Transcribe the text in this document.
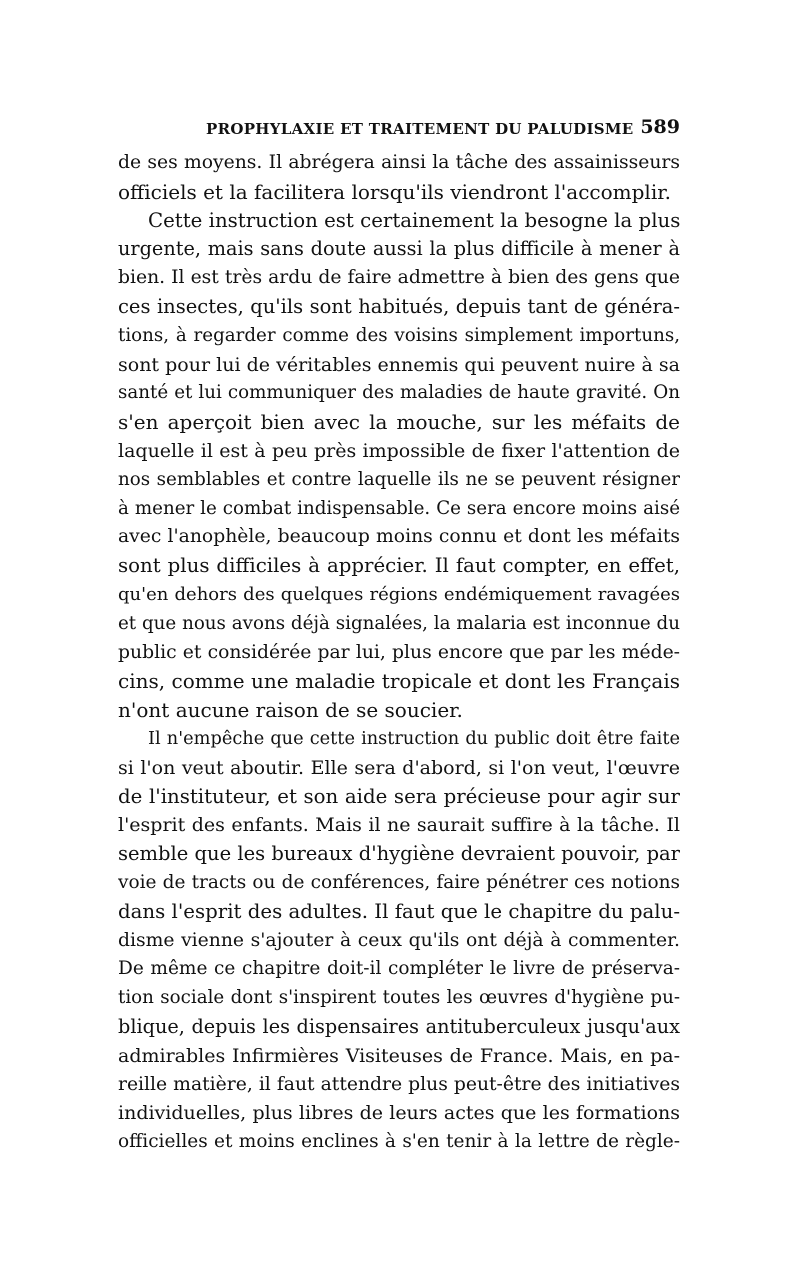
PROPHYLAXIE ET TRAITEMENT DU PALUDISME 589
de ses moyens. Il abrégera ainsi la tâche des assainisseurs
officiels et la facilitera lorsqu'ils viendront l'accomplir.
Cette instruction est certainement la besogne la plus
urgente, mais sans doute aussi la plus difficile à mener à
bien. Il est très ardu de faire admettre à bien des gens que
ces insectes, qu'ils sont habitués, depuis tant de généra-
tions, à regarder comme des voisins simplement importuns,
sont pour lui de véritables ennemis qui peuvent nuire à sa
santé et lui communiquer des maladies de haute gravité. On
s'en aperçoit bien avec la mouche, sur les méfaits de
laquelle il est à peu près impossible de fixer l'attention de
nos semblables et contre laquelle ils ne se peuvent résigner
à mener le combat indispensable. Ce sera encore moins aisé
avec l'anophèle, beaucoup moins connu et dont les méfaits
sont plus difficiles à apprécier. Il faut compter, en effet,
qu'en dehors des quelques régions endémiquement ravagées
et que nous avons déjà signalées, la malaria est inconnue du
public et considérée par lui, plus encore que par les méde-
cins, comme une maladie tropicale et dont les Français
n'ont aucune raison de se soucier.
Il n'empêche que cette instruction du public doit être faite
si l'on veut aboutir. Elle sera d'abord, si l'on veut, l'œuvre
de l'instituteur, et son aide sera précieuse pour agir sur
l'esprit des enfants. Mais il ne saurait suffire à la tâche. Il
semble que les bureaux d'hygiène devraient pouvoir, par
voie de tracts ou de conférences, faire pénétrer ces notions
dans l'esprit des adultes. Il faut que le chapitre du palu-
disme vienne s'ajouter à ceux qu'ils ont déjà à commenter.
De même ce chapitre doit-il compléter le livre de préserva-
tion sociale dont s'inspirent toutes les œuvres d'hygiène pu-
blique, depuis les dispensaires antituberculeux jusqu'aux
admirables Infirmières Visiteuses de France. Mais, en pa-
reille matière, il faut attendre plus peut-être des initiatives
individuelles, plus libres de leurs actes que les formations
officielles et moins enclines à s'en tenir à la lettre de règle-
